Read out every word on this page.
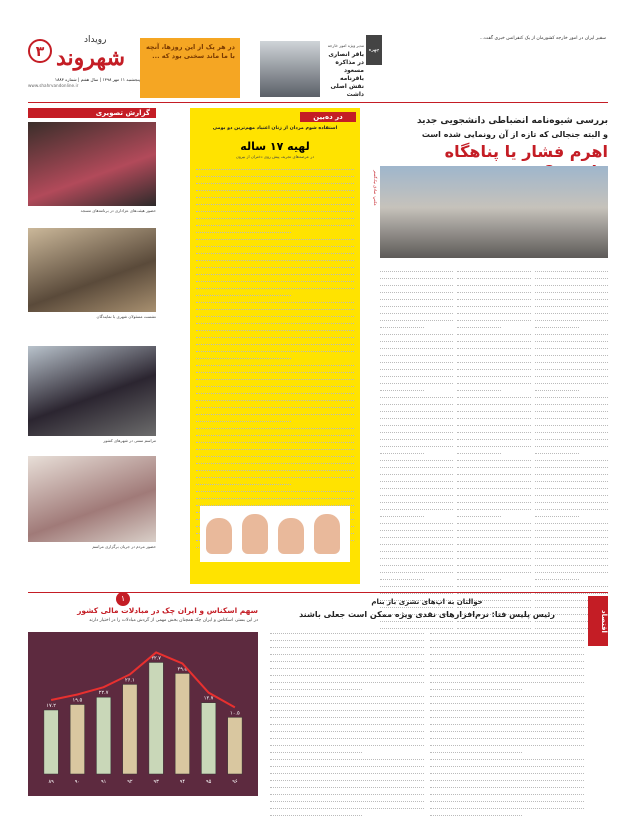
رویداد
۳ شهروند
پنجشنبه ۱۱ مهر ۱۳۹۸ | سال هفتم | شماره ۱۸۸۳
www.shahrvandonline.ir
در هر یک از این روزها، آنچه با ما ماند سخنی بود که ...
چهره
مدیر ویژه امور خارجه
باقر انصاری در مذاکره مسعود باقرنامه نقش اصلی داشت
سفیر ایران در امور خارجه کشورمان از یک کنفرانس خبری گفت...
گزارش تصویری
حضور هیئت‌های عزاداری در برنامه‌های مسجد
نشست مسئولان شهری با نمایندگان
مراسم سنتی در شهرهای کشور
حضور مردم در جریان برگزاری مراسم
در ده‌بین
استفاده شوم مردان از زنان اعتیاد مهم‌ترین دو بومی
لهیه ۱۷ ساله
در عرصه‌های تجربه، پیش روی دختران از بیرون
بررسی شیوه‌نامه انضباطی دانشجویی جدید
و البته جنجالی که تازه از آن رونمایی شده است
اهرم فشار یا پناهگاه
عکس: صادق نیک‌گستر
۱
سهم اسکناس و ایران چک در مبادلات مالی کشور
در این بستر، اسکناس و ایران چک همچنان بخش مهمی از گردش مبادلات را در اختیار دارند
۱۷.۲
۸۹
۱۹.۵
۹۰
۲۲.۷
۹۱
۲۶.۱
۹۲
۳۲.۷
۹۳
۲۹.۵
۹۴
۱۲.۷
۹۵
۱۰.۵
۹۶
اقتصاد
حوالتان به اپ‌های نشری باز بنام
رئیس پلیس فتا: نرم‌افزارهای نقدی ویژه ممکن است جعلی باشند
